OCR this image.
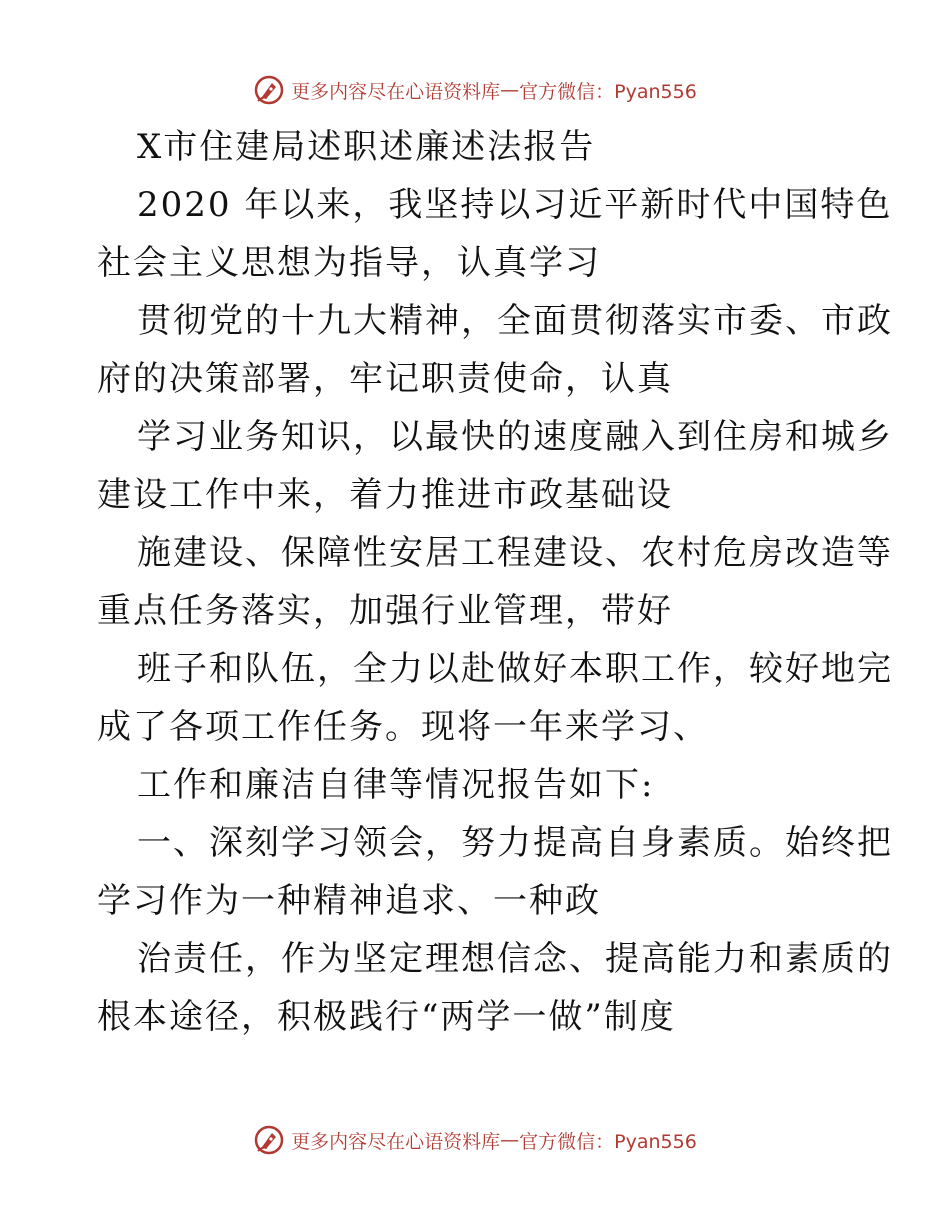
更多内容尽在心语资料库 — 官方微信：Pyan556
X市住建局述职述廉述法报告
2020 年以来，我坚持以习近平新时代中国特色
社会主义思想为指导，认真学习
贯彻党的十九大精神，全面贯彻落实市委、市政
府的决策部署，牢记职责使命，认真
学习业务知识，以最快的速度融入到住房和城乡
建设工作中来，着力推进市政基础设
施建设、保障性安居工程建设、农村危房改造等
重点任务落实，加强行业管理，带好
班子和队伍，全力以赴做好本职工作，较好地完
成了各项工作任务。现将一年来学习、
工作和廉洁自律等情况报告如下:
一、深刻学习领会，努力提高自身素质。始终把
学习作为一种精神追求、一种政
治责任，作为坚定理想信念、提高能力和素质的
根本途径，积极践行“两学一做”制度
更多内容尽在心语资料库 — 官方微信：Pyan556
